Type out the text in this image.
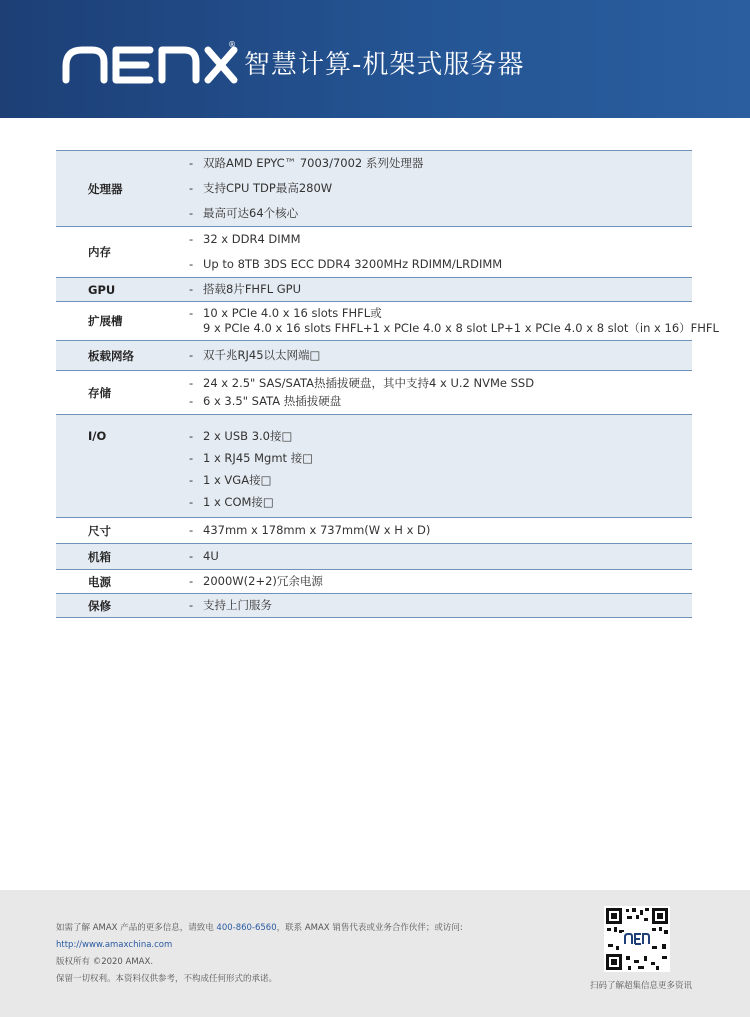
®
智慧计算-机架式服务器
处理器
- 双路AMD EPYC™ 7003/7002 系列处理器
- 支持CPU TDP最高280W
- 最高可达64个核心

内存
- 32 x DDR4 DIMM
- Up to 8TB 3DS ECC DDR4 3200MHz RDIMM/LRDIMM

GPU	- 搭载8片FHFL GPU

扩展槽
- 10 x PCIe 4.0 x 16 slots FHFL或
9 x PCIe 4.0 x 16 slots FHFL+1 x PCIe 4.0 x 8 slot LP+1 x PCIe 4.0 x 8 slot（in x 16）FHFL

板载网络	- 双千兆RJ45以太网端□

存储
- 24 x 2.5" SAS/SATA热插拔硬盘，其中支持4 x U.2 NVMe SSD
- 6 x 3.5" SATA 热插拔硬盘

I/O	- 2 x USB 3.0接□
- 1 x RJ45 Mgmt 接□
- 1 x VGA接□
- 1 x COM接□

尺寸	- 437mm x 178mm x 737mm(W x H x D)

机箱	- 4U

电源	- 2000W(2+2)冗余电源

保修	- 支持上门服务
如需了解 AMAX 产品的更多信息，请致电 400-860-6560，联系 AMAX 销售代表或业务合作伙伴；或访问:
http://www.amaxchina.com
版权所有 ©2020 AMAX.
保留一切权利。本资料仅供参考，不构成任何形式的承诺。
扫码了解超集信息更多资讯
